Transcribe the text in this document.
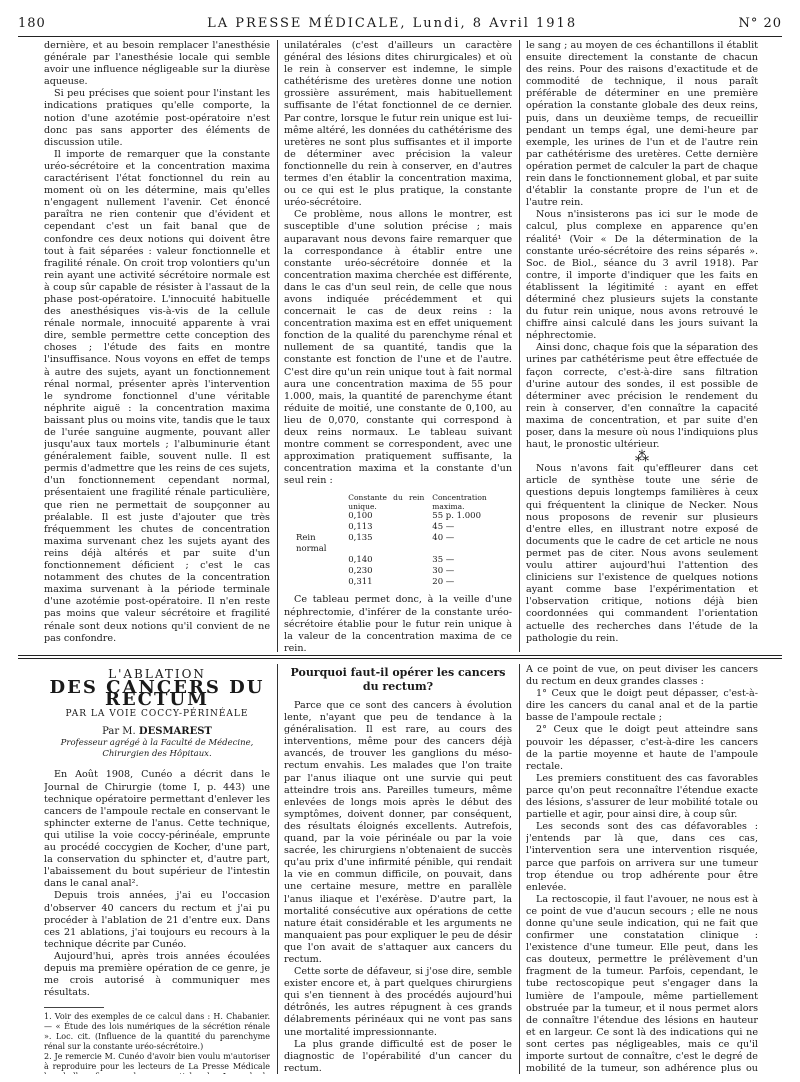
180	LA PRESSE MÉDICALE, Lundi, 8 Avril 1918	N° 20

dernière, et au besoin remplacer l'anesthésie générale par l'anesthésie locale qui semble avoir une influence négligeable sur la diurèse aqueuse.

Si peu précises que soient pour l'instant les indications pratiques qu'elle comporte, la notion d'une azotémie post-opératoire n'est donc pas sans apporter des éléments de discussion utile.

Il importe de remarquer que la constante uréo-sécrétoire et la concentration maxima caractérisent l'état fonctionnel du rein au moment où on les détermine, mais qu'elles n'engagent nullement l'avenir. Cet énoncé paraîtra ne rien contenir que d'évident et cependant c'est un fait banal que de confondre ces deux notions qui doivent être tout à fait séparées : valeur fonctionnelle et fragilité rénale. On croit trop volontiers qu'un rein ayant une activité sécrétoire normale est à coup sûr capable de résister à l'assaut de la phase post-opératoire. L'innocuité habituelle des anesthésiques vis-à-vis de la cellule rénale normale, innocuité apparente à vrai dire, semble permettre cette conception des choses ; l'étude des faits en montre l'insuffisance. Nous voyons en effet de temps à autre des sujets, ayant un fonctionnement rénal normal, présenter après l'intervention le syndrome fonctionnel d'une véritable néphrite aiguë : la concentration maxima baissant plus ou moins vite, tandis que le taux de l'urée sanguine augmente, pouvant aller jusqu'aux taux mortels ; l'albuminurie étant généralement faible, souvent nulle. Il est permis d'admettre que les reins de ces sujets, d'un fonctionnement cependant normal, présentaient une fragilité rénale particulière, que rien ne permettait de soupçonner au préalable. Il est juste d'ajouter que très fréquemment les chutes de concentration maxima survenant chez les sujets ayant des reins déjà altérés et par suite d'un fonctionnement déficient ; c'est le cas notamment des chutes de la concentration maxima survenant à la période terminale d'une azotémie post-opératoire. Il n'en reste pas moins que valeur sécrétoire et fragilité rénale sont deux notions qu'il convient de ne pas confondre.

unilatérales (c'est d'ailleurs un caractère général des lésions dites chirurgicales) et où le rein à conserver est indemne, le simple cathétérisme des uretères donne une notion grossière assurément, mais habituellement suffisante de l'état fonctionnel de ce dernier. Par contre, lorsque le futur rein unique est lui-même altéré, les données du cathétérisme des uretères ne sont plus suffisantes et il importe de déterminer avec précision la valeur fonctionnelle du rein à conserver, en d'autres termes d'en établir la concentration maxima, ou ce qui est le plus pratique, la constante uréo-sécrétoire.

Ce problème, nous allons le montrer, est susceptible d'une solution précise ; mais auparavant nous devons faire remarquer que la correspondance à établir entre une constante uréo-sécrétoire donnée et la concentration maxima cherchée est différente, dans le cas d'un seul rein, de celle que nous avons indiquée précédemment et qui concernait le cas de deux reins : la concentration maxima est en effet uniquement fonction de la qualité du parenchyme rénal et nullement de sa quantité, tandis que la constante est fonction de l'une et de l'autre. C'est dire qu'un rein unique tout à fait normal aura une concentration maxima de 55 pour 1.000, mais, la quantité de parenchyme étant réduite de moitié, une constante de 0,100, au lieu de 0,070, constante qui correspond à deux reins normaux. Le tableau suivant montre comment se correspondent, avec une approximation pratiquement suffisante, la concentration maxima et la constante d'un seul rein :

	Constante du rein unique.	Concentration maxima.
	0,100	55 p. 1.000
	0,113	45 —
Rein normal	0,135	40 —
	0,140	35 —
	0,230	30 —
	0,311	20 —

Ce tableau permet donc, à la veille d'une néphrectomie, d'inférer de la constante uréo-sécrétoire établie pour le futur rein unique à la valeur de la concentration maxima de ce rein.

le sang ; au moyen de ces échantillons il établit ensuite directement la constante de chacun des reins. Pour des raisons d'exactitude et de commodité de technique, il nous paraît préférable de déterminer en une première opération la constante globale des deux reins, puis, dans un deuxième temps, de recueillir pendant un temps égal, une demi-heure par exemple, les urines de l'un et de l'autre rein par cathétérisme des uretères. Cette dernière opération permet de calculer la part de chaque rein dans le fonctionnement global, et par suite d'établir la constante propre de l'un et de l'autre rein.

Nous n'insisterons pas ici sur le mode de calcul, plus complexe en apparence qu'en réalité¹ (Voir « De la détermination de la constante uréo-sécrétoire des reins séparés ». Soc. de Biol., séance du 3 avril 1918). Par contre, il importe d'indiquer que les faits en établissent la légitimité : ayant en effet déterminé chez plusieurs sujets la constante du futur rein unique, nous avons retrouvé le chiffre ainsi calculé dans les jours suivant la néphrectomie.

Ainsi donc, chaque fois que la séparation des urines par cathétérisme peut être effectuée de façon correcte, c'est-à-dire sans filtration d'urine autour des sondes, il est possible de déterminer avec précision le rendement du rein à conserver, d'en connaître la capacité maxima de concentration, et par suite d'en poser, dans la mesure où nous l'indiquions plus haut, le pronostic ultérieur.

⁂

Nous n'avons fait qu'effleurer dans cet article de synthèse toute une série de questions depuis longtemps familières à ceux qui fréquentent la clinique de Necker. Nous nous proposons de revenir sur plusieurs d'entre elles, en illustrant notre exposé de documents que le cadre de cet article ne nous permet pas de citer. Nous avons seulement voulu attirer aujourd'hui l'attention des cliniciens sur l'existence de quelques notions ayant comme base l'expérimentation et l'observation critique, notions déjà bien coordonnées qui commandent l'orientation actuelle des recherches dans l'étude de la pathologie du rein.

L'ABLATION
DES CANCERS DU RECTUM
PAR LA VOIE COCCY-PÉRINÉALE
Par M. DESMAREST
Professeur agrégé à la Faculté de Médecine,
Chirurgien des Hôpitaux.

En Août 1908, Cunéo a décrit dans le Journal de Chirurgie (tome I, p. 443) une technique opératoire permettant d'enlever les cancers de l'ampoule rectale en conservant le sphincter externe de l'anus. Cette technique, qui utilise la voie coccy-périnéale, emprunte au procédé coccygien de Kocher, d'une part, la conservation du sphincter et, d'autre part, l'abaissement du bout supérieur de l'intestin dans le canal anal².

Depuis trois années, j'ai eu l'occasion d'observer 40 cancers du rectum et j'ai pu procéder à l'ablation de 21 d'entre eux. Dans ces 21 ablations, j'ai toujours eu recours à la technique décrite par Cunéo.

Aujourd'hui, après trois années écoulées depuis ma première opération de ce genre, je me crois autorisé à communiquer mes résultats.

1. Voir des exemples de ce calcul dans : H. Chabanier. — « Étude des lois numériques de la sécrétion rénale ». Loc. cit. (Influence de la quantité du parenchyme rénal sur la constante uréo-sécrétoire.)

2. Je remercie M. Cunéo d'avoir bien voulu m'autoriser à reproduire pour les lecteurs de La Presse Médicale

Pourquoi faut-il opérer les cancers du rectum?

Parce que ce sont des cancers à évolution lente, n'ayant que peu de tendance à la généralisation. Il est rare, au cours des interventions, même pour des cancers déjà avancés, de trouver les ganglions du méso-rectum envahis. Les malades que l'on traite par l'anus iliaque ont une survie qui peut atteindre trois ans. Pareilles tumeurs, même enlevées de longs mois après le début des symptômes, doivent donner, par conséquent, des résultats éloignés excellents. Autrefois, quand, par la voie périnéale ou par la voie sacrée, les chirurgiens n'obtenaient de succès qu'au prix d'une infirmité pénible, qui rendait la vie en commun difficile, on pouvait, dans une certaine mesure, mettre en parallèle l'anus iliaque et l'exérèse. D'autre part, la mortalité consécutive aux opérations de cette nature était considérable et les arguments ne manquaient pas pour expliquer le peu de désir que l'on avait de s'attaquer aux cancers du rectum.

Cette sorte de défaveur, si j'ose dire, semble exister encore et, à part quelques chirurgiens qui s'en tiennent à des procédés aujourd'hui détrônés, les autres répugnent à ces grands délabrements périnéaux qui ne vont pas sans une mortalité impressionnante.

La plus grande difficulté est de poser le diagnostic de l'opérabilité d'un cancer du rectum.

A ce point de vue, on peut diviser les cancers du rectum en deux grandes classes :

1° Ceux que le doigt peut dépasser, c'est-à-dire les cancers du canal anal et de la partie basse de l'ampoule rectale ;

2° Ceux que le doigt peut atteindre sans pouvoir les dépasser, c'est-à-dire les cancers de la partie moyenne et haute de l'ampoule rectale.

Les premiers constituent des cas favorables parce qu'on peut reconnaître l'étendue exacte des lésions, s'assurer de leur mobilité totale ou partielle et agir, pour ainsi dire, à coup sûr.

Les seconds sont des cas défavorables : j'entends par là que, dans ces cas, l'intervention sera une intervention risquée, parce que parfois on arrivera sur une tumeur trop étendue ou trop adhérente pour être enlevée.

La rectoscopie, il faut l'avouer, ne nous est à ce point de vue d'aucun secours ; elle ne nous donne qu'une seule indication, qui ne fait que confirmer une constatation clinique : l'existence d'une tumeur. Elle peut, dans les cas douteux, permettre le prélèvement d'un fragment de la tumeur. Parfois, cependant, le tube rectoscopique peut s'engager dans la lumière de l'ampoule, même partiellement obstruée par la tumeur, et il nous permet alors de connaître l'étendue des lésions en hauteur et en largeur. Ce sont là des indications qui ne sont certes pas négligeables, mais ce qu'il importe surtout de connaître, c'est le degré de mobilité de la tumeur, son adhérence plus ou
